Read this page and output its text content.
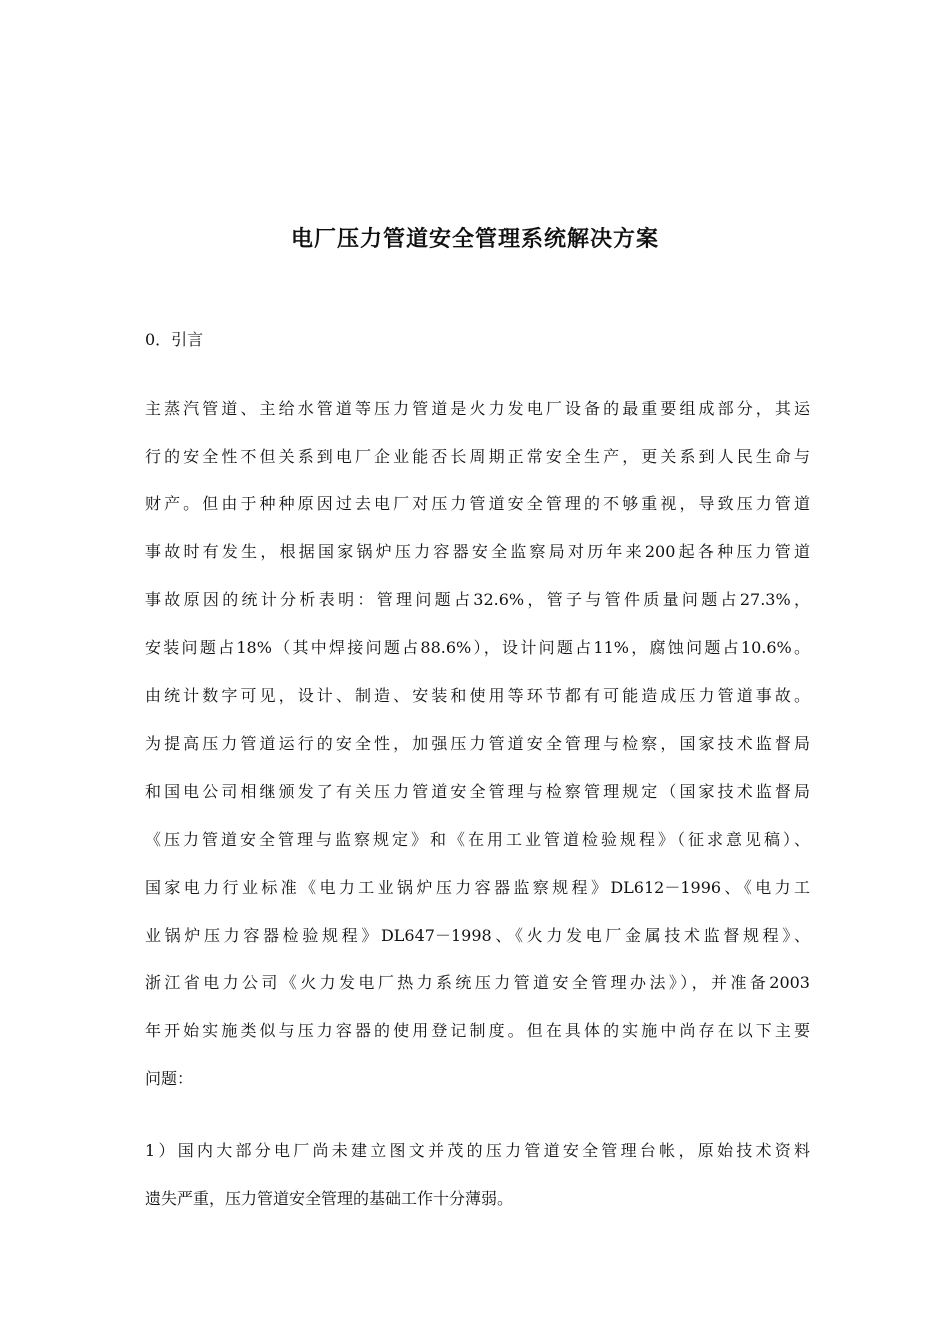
电厂压力管道安全管理系统解决方案
0．引言
主蒸汽管道、主给水管道等压力管道是火力发电厂设备的最重要组成部分，其运
行的安全性不但关系到电厂企业能否长周期正常安全生产，更关系到人民生命与
财产。但由于种种原因过去电厂对压力管道安全管理的不够重视，导致压力管道
事故时有发生，根据国家锅炉压力容器安全监察局对历年来200起各种压力管道
事故原因的统计分析表明：管理问题占32.6%，管子与管件质量问题占27.3%，
安装问题占18%（其中焊接问题占88.6%），设计问题占11%，腐蚀问题占10.6%。
由统计数字可见，设计、制造、安装和使用等环节都有可能造成压力管道事故。
为提高压力管道运行的安全性，加强压力管道安全管理与检察，国家技术监督局
和国电公司相继颁发了有关压力管道安全管理与检察管理规定（国家技术监督局
《压力管道安全管理与监察规定》和《在用工业管道检验规程》（征求意见稿）、
国家电力行业标准《电力工业锅炉压力容器监察规程》DL612－1996、《电力工
业锅炉压力容器检验规程》DL647－1998、《火力发电厂金属技术监督规程》、
浙江省电力公司《火力发电厂热力系统压力管道安全管理办法》），并准备2003
年开始实施类似与压力容器的使用登记制度。但在具体的实施中尚存在以下主要
问题：
1）国内大部分电厂尚未建立图文并茂的压力管道安全管理台帐，原始技术资料
遗失严重，压力管道安全管理的基础工作十分薄弱。
